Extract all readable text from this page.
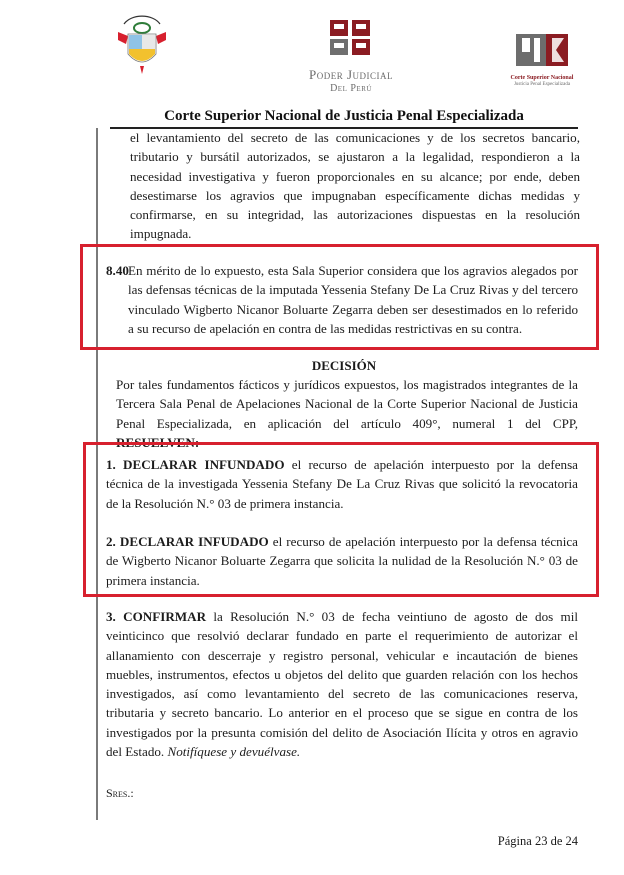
Poder Judicial
Del Perú
Corte Superior Nacional
Justicia Penal Especializada
Corte Superior Nacional de Justicia Penal Especializada
el levantamiento del secreto de las comunicaciones y de los secretos bancario, tributario y bursátil autorizados, se ajustaron a la legalidad, respondieron a la necesidad investigativa y fueron proporcionales en su alcance; por ende, deben desestimarse los agravios que impugnaban específicamente dichas medidas y confirmarse, en su integridad, las autorizaciones dispuestas en la resolución impugnada.
8.40 En mérito de lo expuesto, esta Sala Superior considera que los agravios alegados por las defensas técnicas de la imputada Yessenia Stefany De La Cruz Rivas y del tercero vinculado Wigberto Nicanor Boluarte Zegarra deben ser desestimados en lo referido a su recurso de apelación en contra de las medidas restrictivas en su contra.
DECISIÓN
Por tales fundamentos fácticos y jurídicos expuestos, los magistrados integrantes de la Tercera Sala Penal de Apelaciones Nacional de la Corte Superior Nacional de Justicia Penal Especializada, en aplicación del artículo 409°, numeral 1 del CPP, RESUELVEN:
1. DECLARAR INFUNDADO el recurso de apelación interpuesto por la defensa técnica de la investigada Yessenia Stefany De La Cruz Rivas que solicitó la revocatoria de la Resolución N.° 03 de primera instancia.
2. DECLARAR INFUDADO el recurso de apelación interpuesto por la defensa técnica de Wigberto Nicanor Boluarte Zegarra que solicita la nulidad de la Resolución N.° 03 de primera instancia.
3. CONFIRMAR la Resolución N.° 03 de fecha veintiuno de agosto de dos mil veinticinco que resolvió declarar fundado en parte el requerimiento de autorizar el allanamiento con descerraje y registro personal, vehicular e incautación de bienes muebles, instrumentos, efectos u objetos del delito que guarden relación con los hechos investigados, así como levantamiento del secreto de las comunicaciones reserva, tributaria y secreto bancario. Lo anterior en el proceso que se sigue en contra de los investigados por la presunta comisión del delito de Asociación Ilícita y otros en agravio del Estado. Notifíquese y devuélvase.
Sres.:
Página 23 de 24
